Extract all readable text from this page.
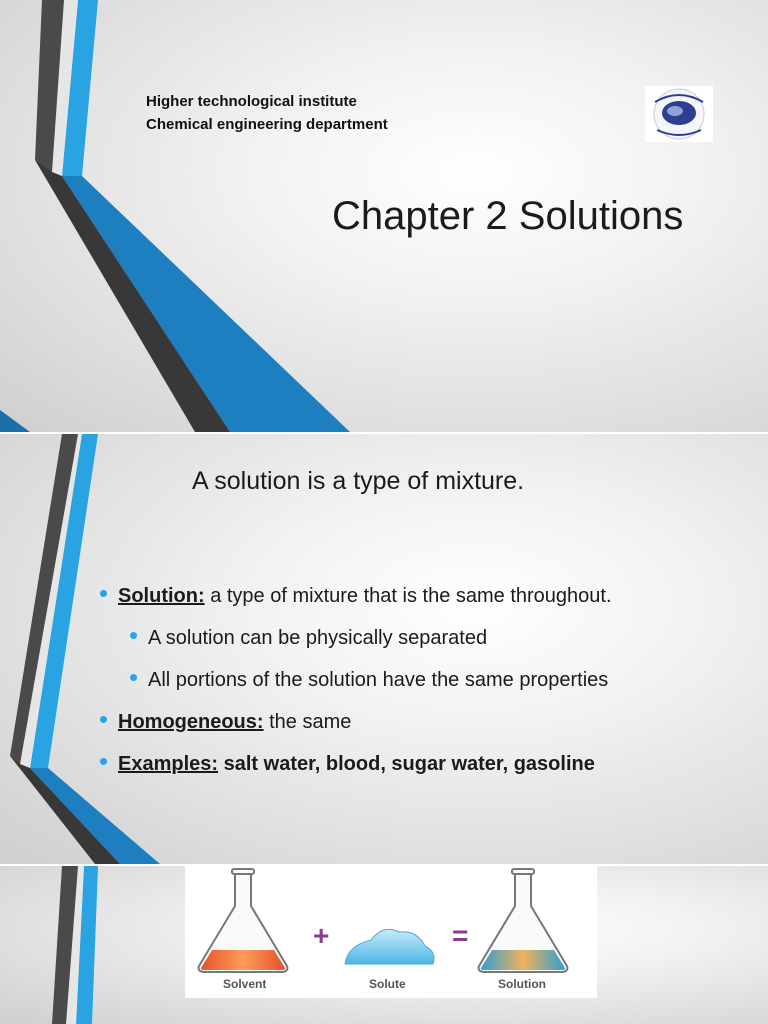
Higher technological institute
Chemical engineering department
Chapter 2 Solutions
A solution is a type of mixture.
Solution: a type of mixture that is the same throughout.
A solution can be physically separated
All portions of the solution have the same properties
Homogeneous: the same
Examples: salt water, blood, sugar water, gasoline
+	=
Solvent	Solute	Solution
